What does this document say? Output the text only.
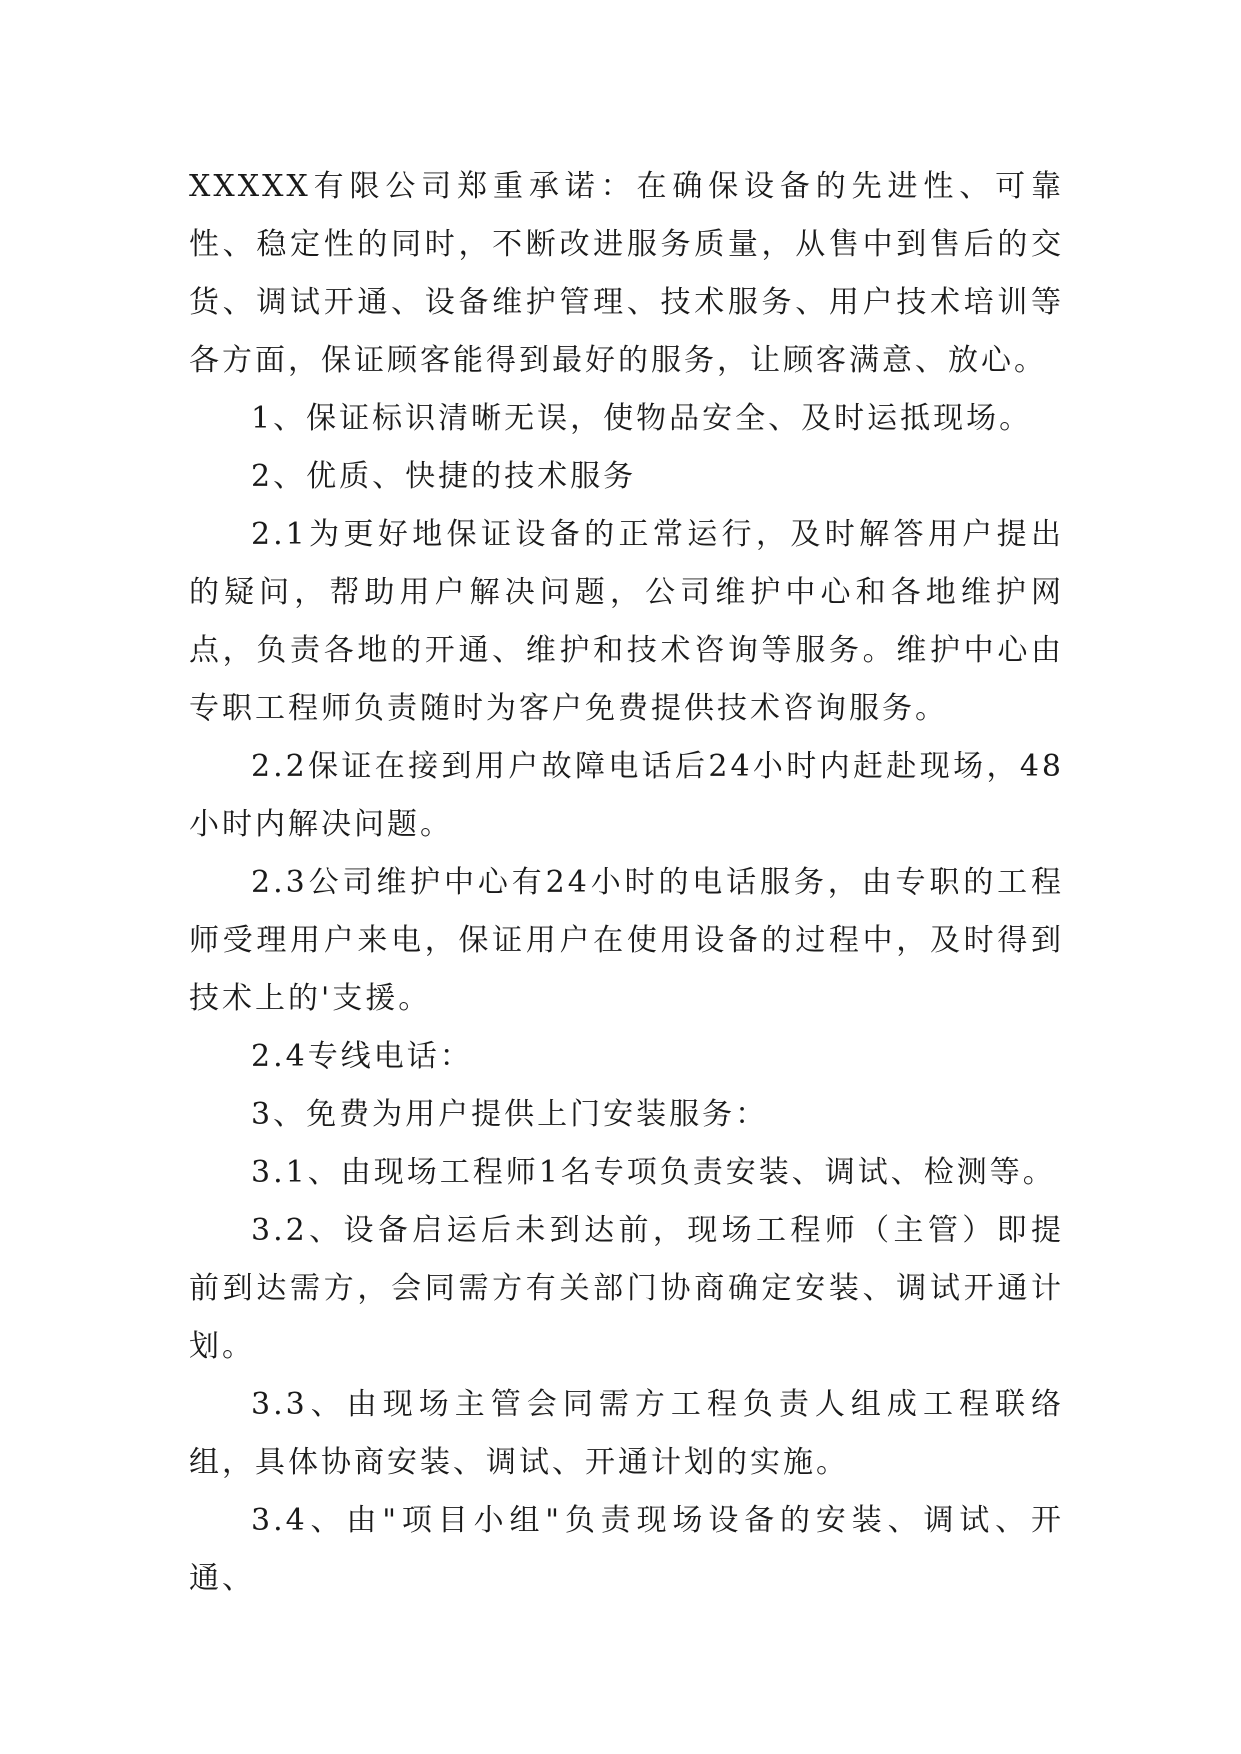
XXXXX有限公司郑重承诺：在确保设备的先进性、可靠性、稳定性的同时，不断改进服务质量，从售中到售后的交货、调试开通、设备维护管理、技术服务、用户技术培训等各方面，保证顾客能得到最好的服务，让顾客满意、放心。

1、保证标识清晰无误，使物品安全、及时运抵现场。

2、优质、快捷的技术服务

2.1为更好地保证设备的正常运行，及时解答用户提出的疑问，帮助用户解决问题，公司维护中心和各地维护网点，负责各地的开通、维护和技术咨询等服务。维护中心由专职工程师负责随时为客户免费提供技术咨询服务。

2.2保证在接到用户故障电话后24小时内赶赴现场，48小时内解决问题。

2.3公司维护中心有24小时的电话服务，由专职的工程师受理用户来电，保证用户在使用设备的过程中，及时得到技术上的'支援。

2.4专线电话：

3、免费为用户提供上门安装服务：

3.1、由现场工程师1名专项负责安装、调试、检测等。

3.2、设备启运后未到达前，现场工程师（主管）即提前到达需方，会同需方有关部门协商确定安装、调试开通计划。

3.3、由现场主管会同需方工程负责人组成工程联络组，具体协商安装、调试、开通计划的实施。

3.4、由"项目小组"负责现场设备的安装、调试、开通、
